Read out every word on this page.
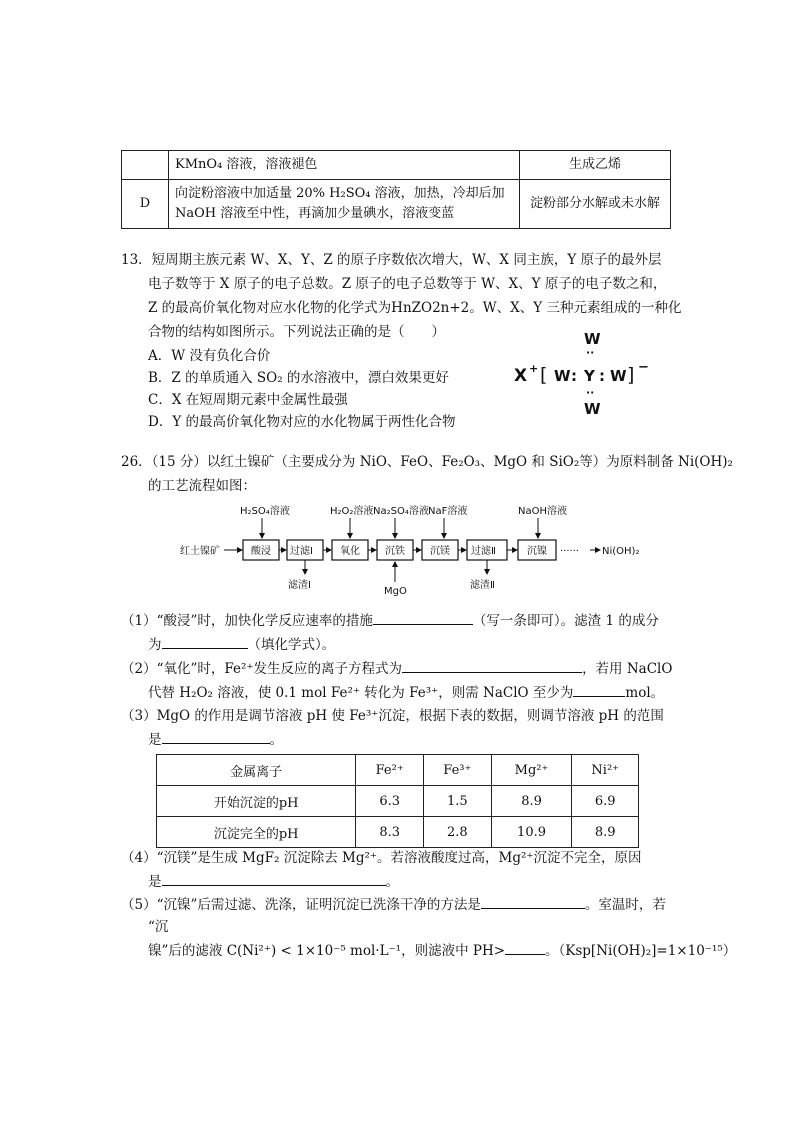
	KMnO₄ 溶液，溶液褪色	生成乙烯
D	向淀粉溶液中加适量 20% H₂SO₄ 溶液，加热，冷却后加
NaOH 溶液至中性，再滴加少量碘水，溶液变蓝	淀粉部分水解或未水解
13．短周期主族元素 W、X、Y、Z 的原子序数依次增大，W、X 同主族，Y 原子的最外层
电子数等于 X 原子的电子总数。Z 原子的电子总数等于 W、X、Y 原子的电子数之和，
Z 的最高价氧化物对应水化物的化学式为HnZO2n+2。W、X、Y 三种元素组成的一种化
合物的结构如图所示。下列说法正确的是（　　）
A．W 没有负化合价
B．Z 的单质通入 SO₂ 的水溶液中，漂白效果更好
C．X 在短周期元素中金属性最强
D．Y 的最高价氧化物对应的水化物属于两性化合物
W
··
X + [ W : Y : W ] −
··
W
26．（15 分）以红土镍矿（主要成分为 NiO、FeO、Fe₂O₃、MgO 和 SiO₂等）为原料制备 Ni(OH)₂
的工艺流程如图：
H₂SO₄溶液	H₂O₂溶液 Na₂SO₄溶液 NaF溶液	NaOH溶液
红土镍矿	酸浸 过滤Ⅰ	氧化	沉铁	沉镁 过滤Ⅱ	沉镍 ······ Ni(OH)₂
滤渣Ⅰ
MgO
滤渣Ⅱ
（1）“酸浸”时，加快化学反应速率的措施	（写一条即可）。滤渣 1 的成分
为	（填化学式）。
（2）“氧化”时，Fe²⁺发生反应的离子方程式为	，若用 NaClO
代替 H₂O₂ 溶液，使 0.1 mol Fe²⁺ 转化为 Fe³⁺，则需 NaClO 至少为	mol。
（3）MgO 的作用是调节溶液 pH 使 Fe³⁺沉淀，根据下表的数据，则调节溶液 pH 的范围
是	。
金属离子	Fe²⁺	Fe³⁺	Mg²⁺	Ni²⁺
开始沉淀的pH	6.3	1.5	8.9	6.9
沉淀完全的pH	8.3	2.8	10.9	8.9
（4）“沉镁”是生成 MgF₂ 沉淀除去 Mg²⁺。若溶液酸度过高，Mg²⁺沉淀不完全，原因
是	。
（5）“沉镍”后需过滤、洗涤，证明沉淀已洗涤干净的方法是	。室温时，若
“沉
镍”后的滤液 C(Ni²⁺) < 1×10⁻⁵ mol·L⁻¹，则滤液中 PH>	。（Ksp[Ni(OH)₂]=1×10⁻¹⁵）
